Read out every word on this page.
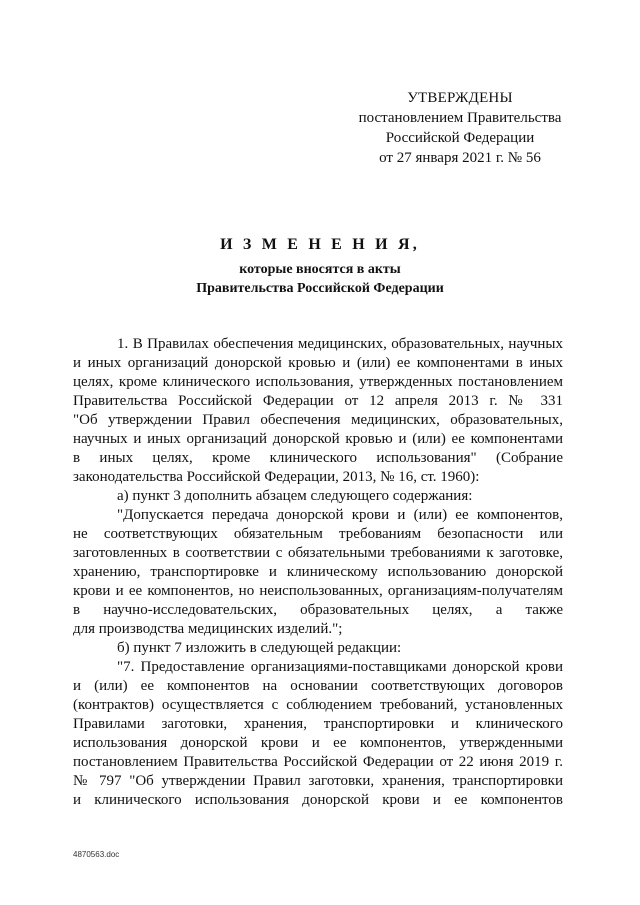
УТВЕРЖДЕНЫ
постановлением Правительства
Российской Федерации
от 27 января 2021 г. № 56
И З М Е Н Е Н И Я,
которые вносятся в акты
Правительства Российской Федерации
1. В Правилах обеспечения медицинских, образовательных, научных
и иных организаций донорской кровью и (или) ее компонентами в иных
целях, кроме клинического использования, утвержденных постановлением
Правительства Российской Федерации от 12 апреля 2013 г. № 331
"Об утверждении Правил обеспечения медицинских, образовательных,
научных и иных организаций донорской кровью и (или) ее компонентами
в иных целях, кроме клинического использования" (Собрание
законодательства Российской Федерации, 2013, № 16, ст. 1960):
а) пункт 3 дополнить абзацем следующего содержания:
"Допускается передача донорской крови и (или) ее компонентов,
не соответствующих обязательным требованиям безопасности или
заготовленных в соответствии с обязательными требованиями к заготовке,
хранению, транспортировке и клиническому использованию донорской
крови и ее компонентов, но неиспользованных, организациям-получателям
в научно-исследовательских, образовательных целях, а также
для производства медицинских изделий.";
б) пункт 7 изложить в следующей редакции:
"7. Предоставление организациями-поставщиками донорской крови
и (или) ее компонентов на основании соответствующих договоров
(контрактов) осуществляется с соблюдением требований, установленных
Правилами заготовки, хранения, транспортировки и клинического
использования донорской крови и ее компонентов, утвержденными
постановлением Правительства Российской Федерации от 22 июня 2019 г.
№ 797 "Об утверждении Правил заготовки, хранения, транспортировки
и клинического использования донорской крови и ее компонентов
4870563.doc
